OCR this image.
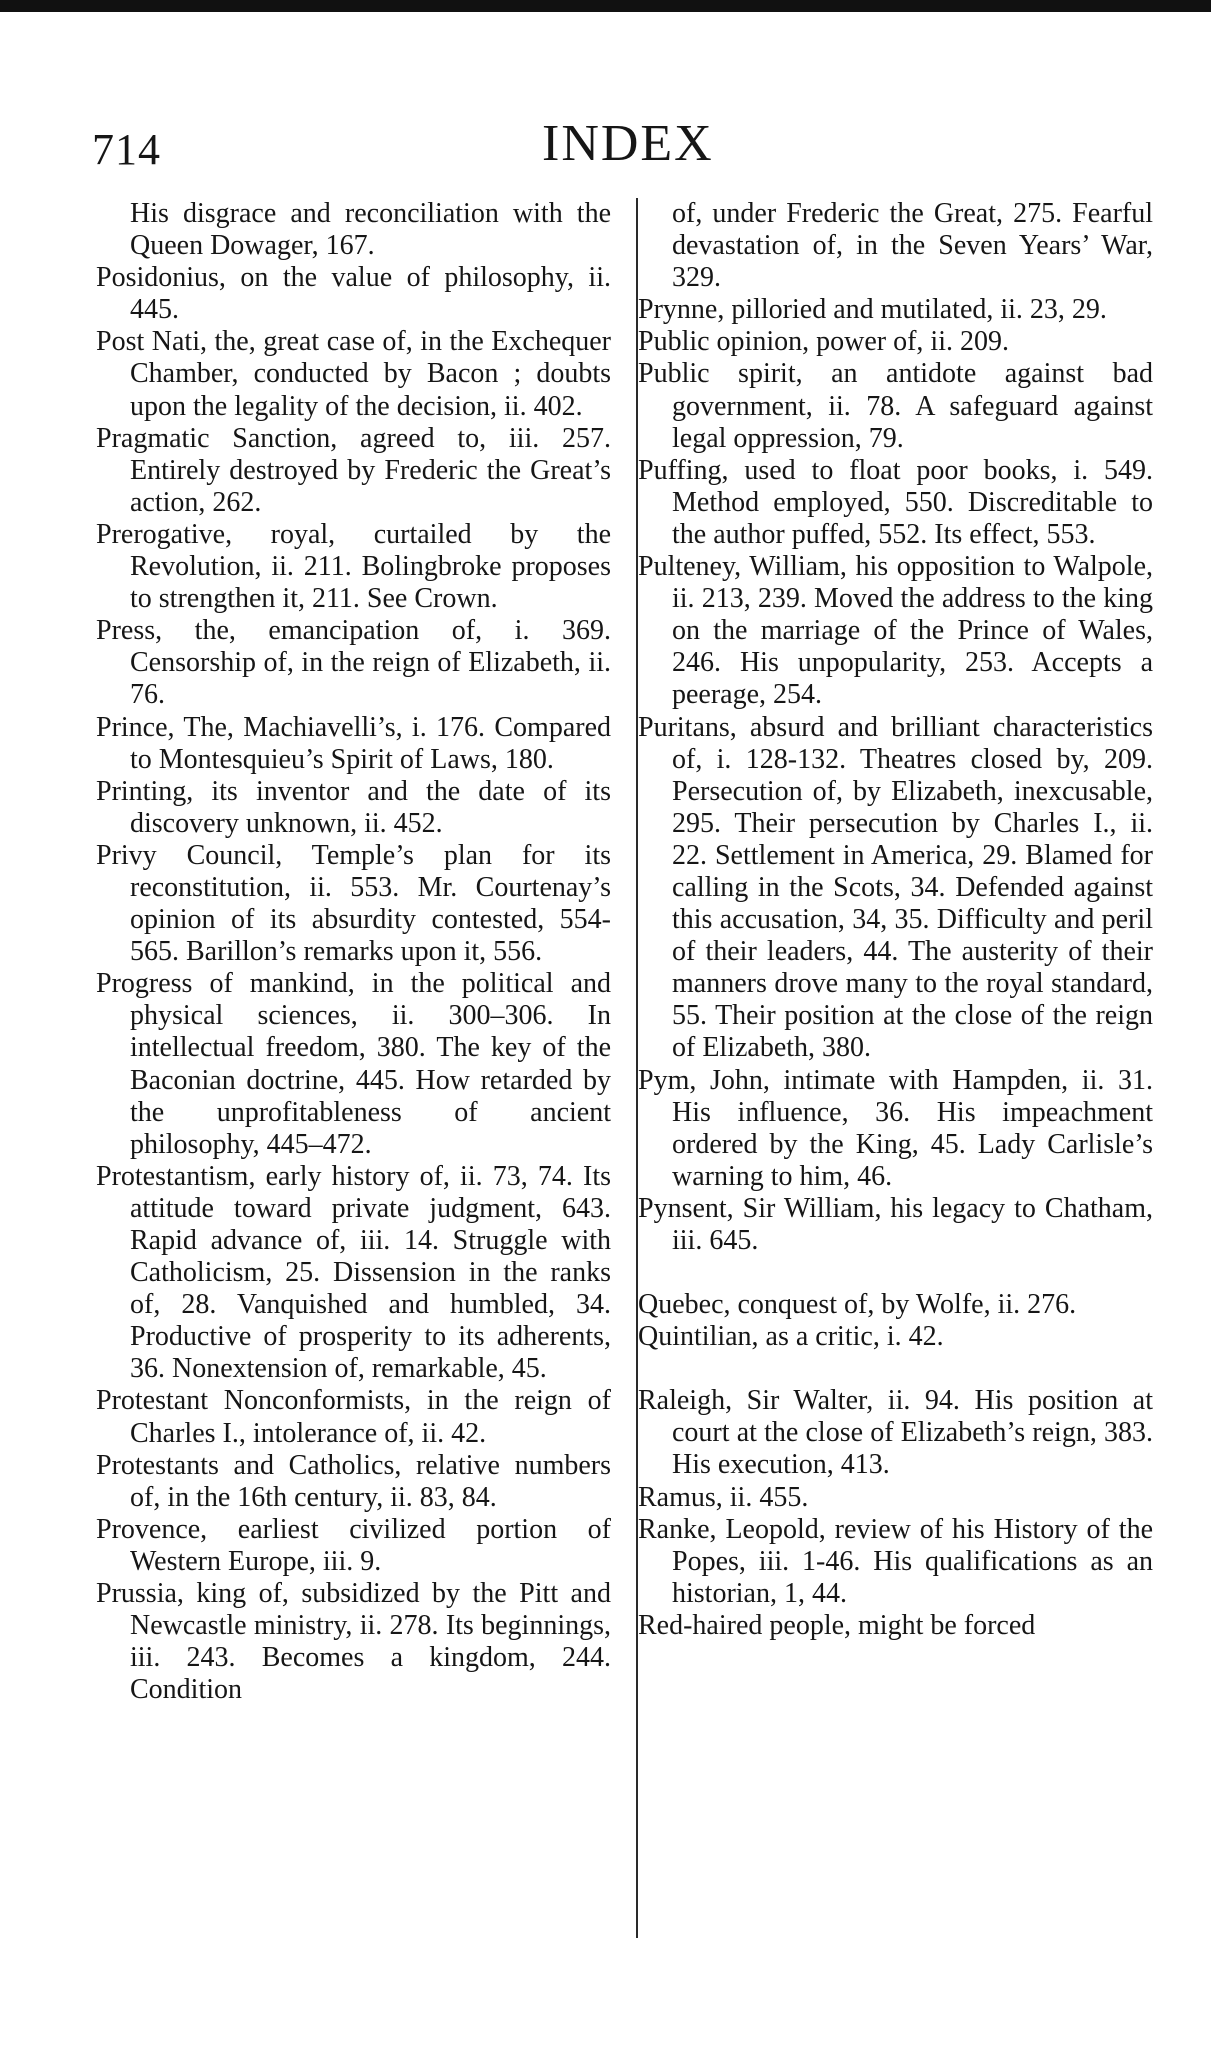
714	INDEX
His disgrace and reconciliation with the Queen Dowager, 167.
Posidonius, on the value of philosophy, ii. 445.
Post Nati, the, great case of, in the Exchequer Chamber, conducted by Bacon ; doubts upon the legality of the decision, ii. 402.
Pragmatic Sanction, agreed to, iii. 257. Entirely destroyed by Frederic the Great’s action, 262.
Prerogative, royal, curtailed by the Revolution, ii. 211. Bolingbroke proposes to strengthen it, 211. See Crown.
Press, the, emancipation of, i. 369. Censorship of, in the reign of Elizabeth, ii. 76.
Prince, The, Machiavelli’s, i. 176. Compared to Montesquieu’s Spirit of Laws, 180.
Printing, its inventor and the date of its discovery unknown, ii. 452.
Privy Council, Temple’s plan for its reconstitution, ii. 553. Mr. Courtenay’s opinion of its absurdity contested, 554-565. Barillon’s remarks upon it, 556.
Progress of mankind, in the political and physical sciences, ii. 300–306. In intellectual freedom, 380. The key of the Baconian doctrine, 445. How retarded by the unprofitableness of ancient philosophy, 445–472.
Protestantism, early history of, ii. 73, 74. Its attitude toward private judgment, 643. Rapid advance of, iii. 14. Struggle with Catholicism, 25. Dissension in the ranks of, 28. Vanquished and humbled, 34. Productive of prosperity to its adherents, 36. Nonextension of, remarkable, 45.
Protestant Nonconformists, in the reign of Charles I., intolerance of, ii. 42.
Protestants and Catholics, relative numbers of, in the 16th century, ii. 83, 84.
Provence, earliest civilized portion of Western Europe, iii. 9.
Prussia, king of, subsidized by the Pitt and Newcastle ministry, ii. 278. Its beginnings, iii. 243. Becomes a kingdom, 244. Condition
of, under Frederic the Great, 275. Fearful devastation of, in the Seven Years’ War, 329.
Prynne, pilloried and mutilated, ii. 23, 29.
Public opinion, power of, ii. 209.
Public spirit, an antidote against bad government, ii. 78. A safeguard against legal oppression, 79.
Puffing, used to float poor books, i. 549. Method employed, 550. Discreditable to the author puffed, 552. Its effect, 553.
Pulteney, William, his opposition to Walpole, ii. 213, 239. Moved the address to the king on the marriage of the Prince of Wales, 246. His unpopularity, 253. Accepts a peerage, 254.
Puritans, absurd and brilliant characteristics of, i. 128-132. Theatres closed by, 209. Persecution of, by Elizabeth, inexcusable, 295. Their persecution by Charles I., ii. 22. Settlement in America, 29. Blamed for calling in the Scots, 34. Defended against this accusation, 34, 35. Difficulty and peril of their leaders, 44. The austerity of their manners drove many to the royal standard, 55. Their position at the close of the reign of Elizabeth, 380.
Pym, John, intimate with Hampden, ii. 31. His influence, 36. His impeachment ordered by the King, 45. Lady Carlisle’s warning to him, 46.
Pynsent, Sir William, his legacy to Chatham, iii. 645.
Quebec, conquest of, by Wolfe, ii. 276.
Quintilian, as a critic, i. 42.
Raleigh, Sir Walter, ii. 94. His position at court at the close of Elizabeth’s reign, 383. His execution, 413.
Ramus, ii. 455.
Ranke, Leopold, review of his History of the Popes, iii. 1-46. His qualifications as an historian, 1, 44.
Red-haired people, might be forced
